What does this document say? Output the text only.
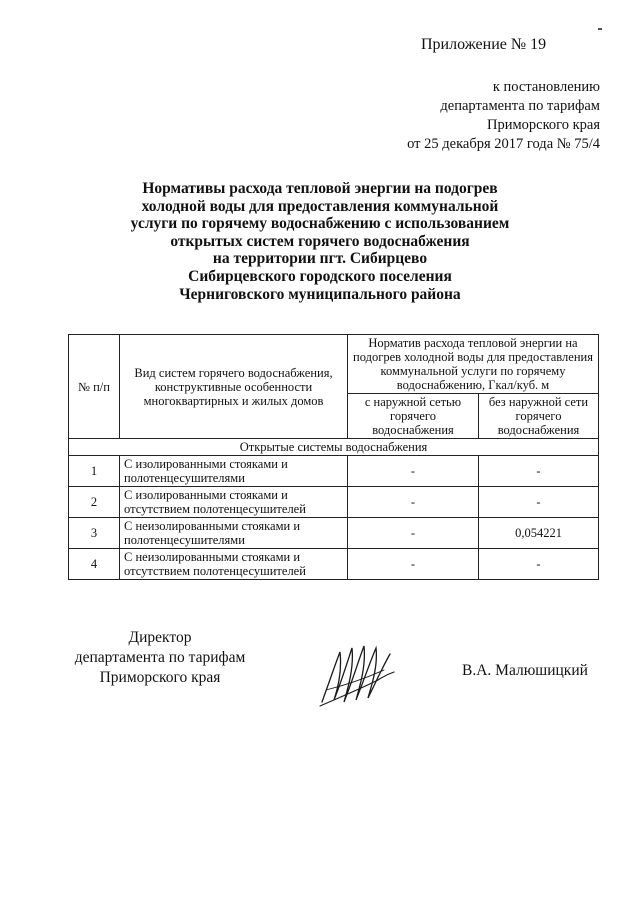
Приложение № 19
к постановлению
департамента по тарифам
Приморского края
от 25 декабря 2017 года № 75/4
Нормативы расхода тепловой энергии на подогрев
холодной воды для предоставления коммунальной
услуги по горячему водоснабжению с использованием
открытых систем горячего водоснабжения
на территории пгт. Сибирцево
Сибирцевского городского поселения
Черниговского муниципального района
№ п/п	Вид систем горячего водоснабжения, конструктивные особенности многоквартирных и жилых домов	Норматив расхода тепловой энергии на подогрев холодной воды для предоставления коммунальной услуги по горячему водоснабжению, Гкал/куб. м	
		с наружной сетью горячего водоснабжения	без наружной сети горячего водоснабжения
Открытые системы водоснабжения			
1	С изолированными стояками и полотенцесушителями	-	-
2	С изолированными стояками и отсутствием полотенцесушителей	-	-
3	С неизолированными стояками и полотенцесушителями	-	0,054221
4	С неизолированными стояками и отсутствием полотенцесушителей	-	-
Директор
департамента по тарифам
Приморского края	В.А. Малюшицкий
